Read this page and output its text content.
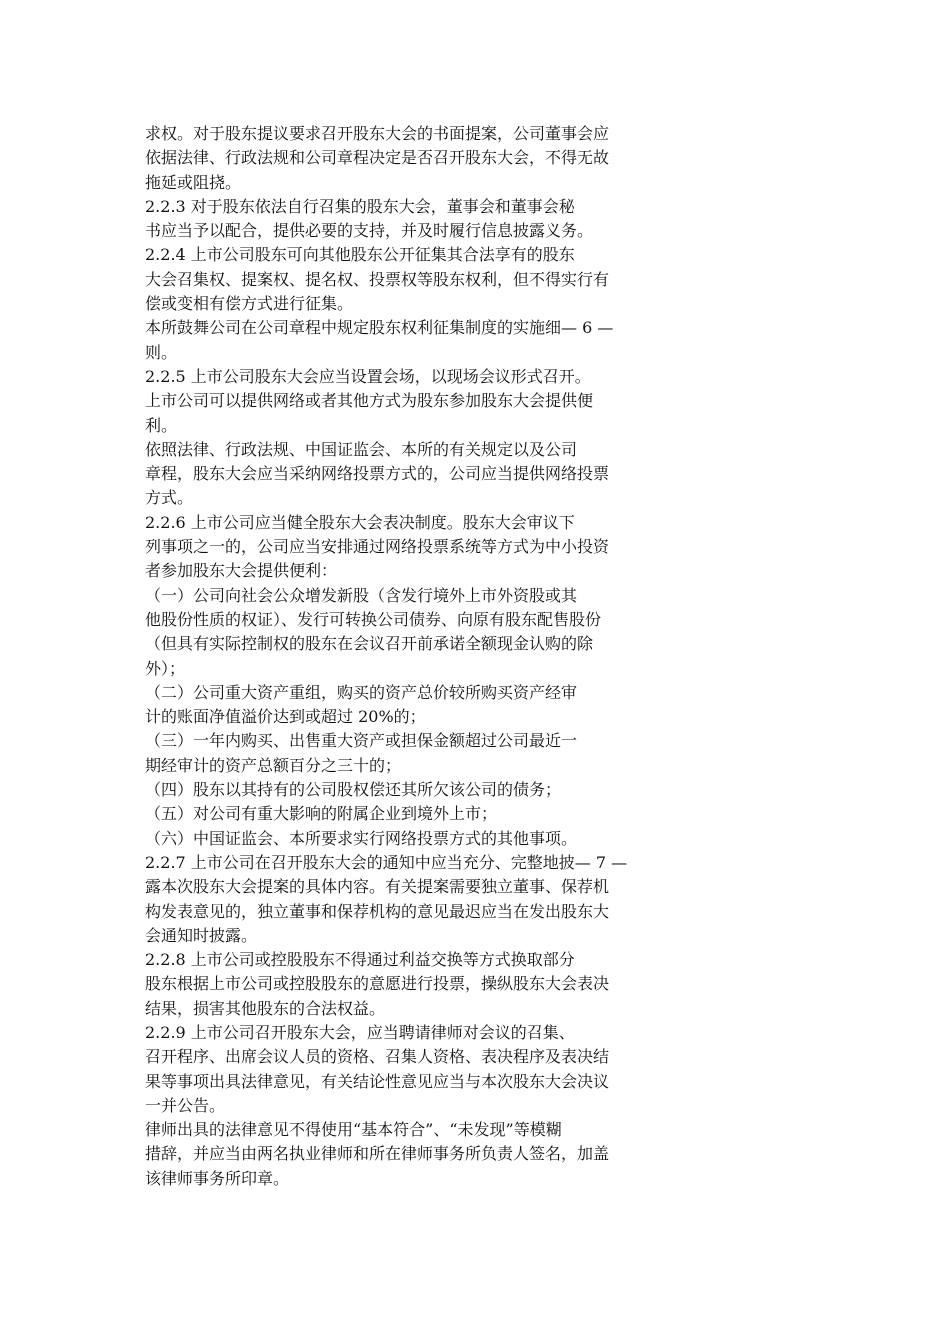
求权。对于股东提议要求召开股东大会的书面提案，公司董事会应
依据法律、行政法规和公司章程决定是否召开股东大会，不得无故
拖延或阻挠。
2.2.3 对于股东依法自行召集的股东大会，董事会和董事会秘
书应当予以配合，提供必要的支持，并及时履行信息披露义务。
2.2.4 上市公司股东可向其他股东公开征集其合法享有的股东
大会召集权、提案权、提名权、投票权等股东权利，但不得实行有
偿或变相有偿方式进行征集。
本所鼓舞公司在公司章程中规定股东权利征集制度的实施细— 6 —
则。
2.2.5 上市公司股东大会应当设置会场，以现场会议形式召开。
上市公司可以提供网络或者其他方式为股东参加股东大会提供便
利。
依照法律、行政法规、中国证监会、本所的有关规定以及公司
章程，股东大会应当采纳网络投票方式的，公司应当提供网络投票
方式。
2.2.6 上市公司应当健全股东大会表决制度。股东大会审议下
列事项之一的，公司应当安排通过网络投票系统等方式为中小投资
者参加股东大会提供便利：
（一）公司向社会公众增发新股（含发行境外上市外资股或其
他股份性质的权证）、发行可转换公司债券、向原有股东配售股份
（但具有实际控制权的股东在会议召开前承诺全额现金认购的除
外）；
（二）公司重大资产重组，购买的资产总价较所购买资产经审
计的账面净值溢价达到或超过 20%的；
（三）一年内购买、出售重大资产或担保金额超过公司最近一
期经审计的资产总额百分之三十的；
（四）股东以其持有的公司股权偿还其所欠该公司的债务；
（五）对公司有重大影响的附属企业到境外上市；
（六）中国证监会、本所要求实行网络投票方式的其他事项。
2.2.7 上市公司在召开股东大会的通知中应当充分、完整地披— 7 —
露本次股东大会提案的具体内容。有关提案需要独立董事、保荐机
构发表意见的，独立董事和保荐机构的意见最迟应当在发出股东大
会通知时披露。
2.2.8 上市公司或控股股东不得通过利益交换等方式换取部分
股东根据上市公司或控股股东的意愿进行投票，操纵股东大会表决
结果，损害其他股东的合法权益。
2.2.9 上市公司召开股东大会，应当聘请律师对会议的召集、
召开程序、出席会议人员的资格、召集人资格、表决程序及表决结
果等事项出具法律意见，有关结论性意见应当与本次股东大会决议
一并公告。
律师出具的法律意见不得使用“基本符合”、“未发现”等模糊
措辞，并应当由两名执业律师和所在律师事务所负责人签名，加盖
该律师事务所印章。
